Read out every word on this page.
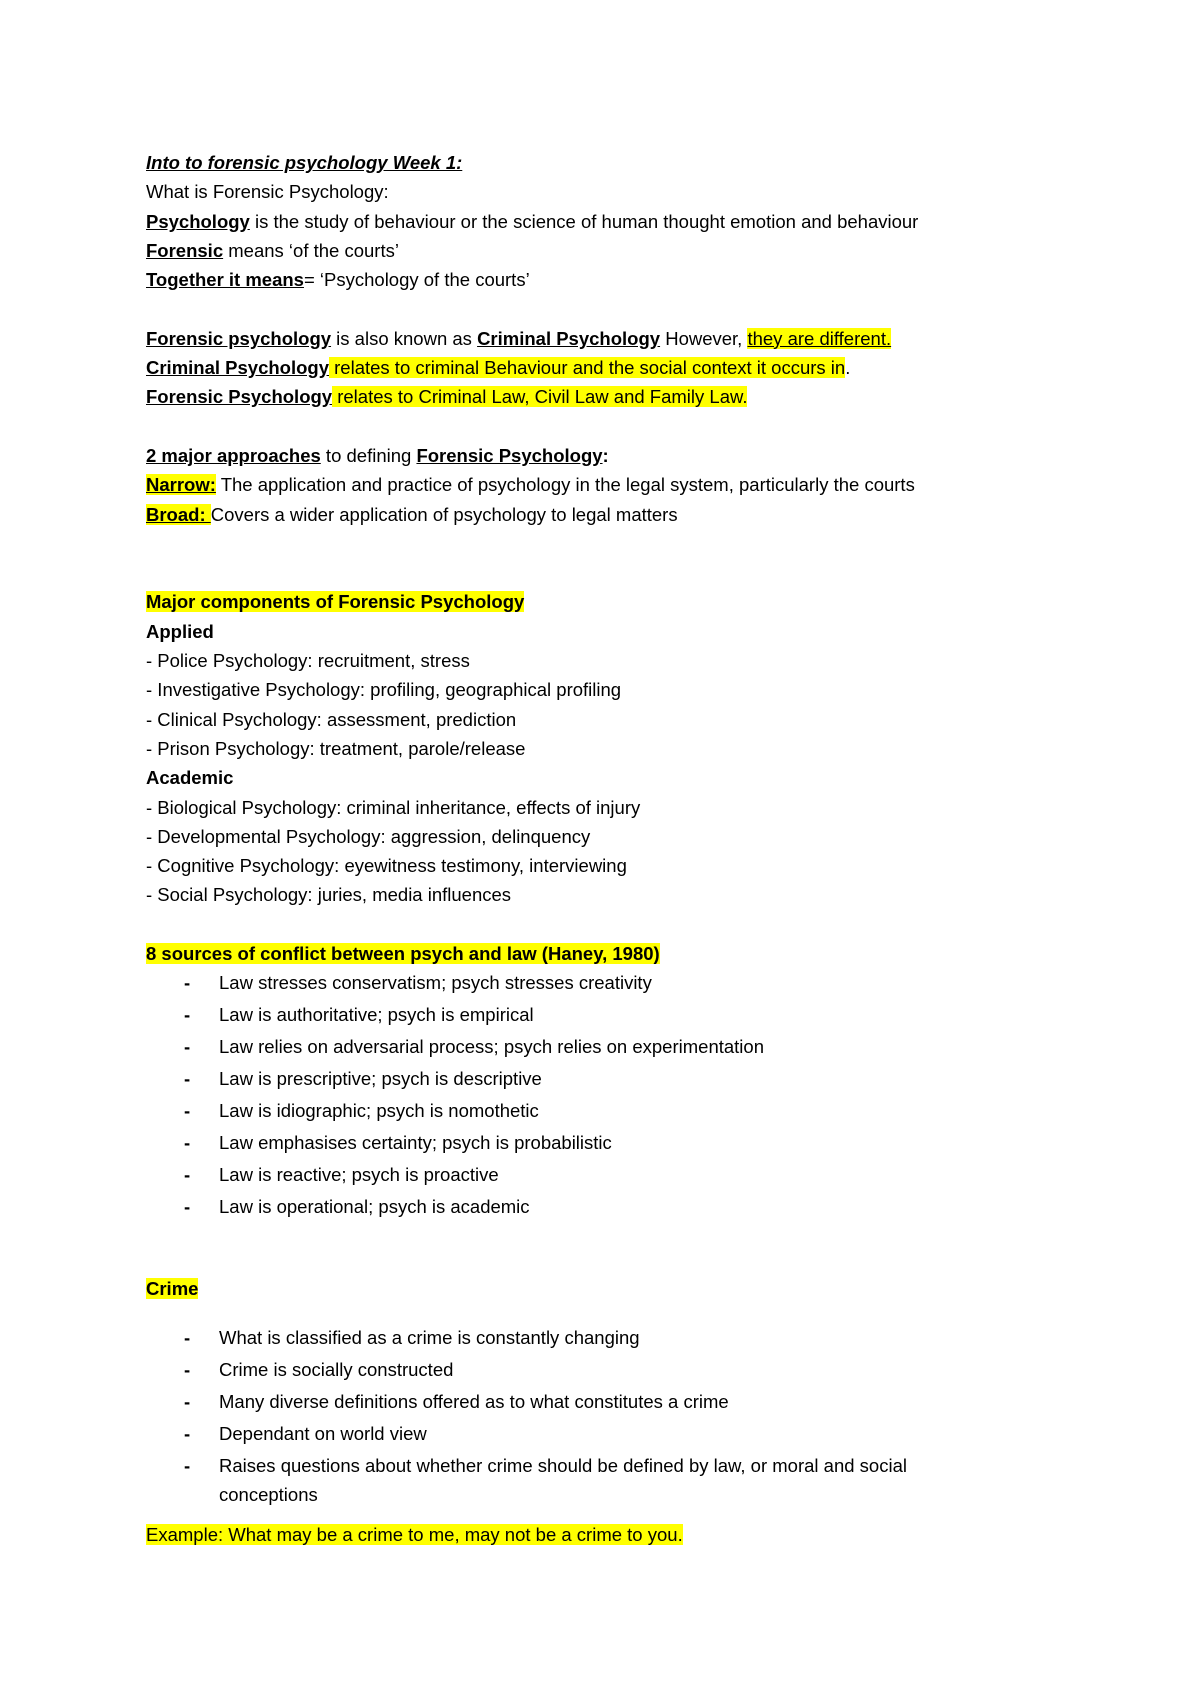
Into to forensic psychology Week 1:
What is Forensic Psychology:
Psychology is the study of behaviour or the science of human thought emotion and behaviour
Forensic means ‘of the courts’
Together it means= ‘Psychology of the courts’
Forensic psychology is also known as Criminal Psychology However, they are different.
Criminal Psychology relates to criminal Behaviour and the social context it occurs in.
Forensic Psychology relates to Criminal Law, Civil Law and Family Law.
2 major approaches to defining Forensic Psychology:
Narrow: The application and practice of psychology in the legal system, particularly the courts
Broad: Covers a wider application of psychology to legal matters
Major components of Forensic Psychology
Applied
- Police Psychology: recruitment, stress
- Investigative Psychology: profiling, geographical profiling
- Clinical Psychology: assessment, prediction
- Prison Psychology: treatment, parole/release
Academic
- Biological Psychology: criminal inheritance, effects of injury
- Developmental Psychology: aggression, delinquency
- Cognitive Psychology: eyewitness testimony, interviewing
- Social Psychology: juries, media influences
8 sources of conflict between psych and law (Haney, 1980)
- Law stresses conservatism; psych stresses creativity
- Law is authoritative; psych is empirical
- Law relies on adversarial process; psych relies on experimentation
- Law is prescriptive; psych is descriptive
- Law is idiographic; psych is nomothetic
- Law emphasises certainty; psych is probabilistic
- Law is reactive; psych is proactive
- Law is operational; psych is academic
Crime
- What is classified as a crime is constantly changing
- Crime is socially constructed
- Many diverse definitions offered as to what constitutes a crime
- Dependant on world view
- Raises questions about whether crime should be defined by law, or moral and social conceptions
Example: What may be a crime to me, may not be a crime to you.
